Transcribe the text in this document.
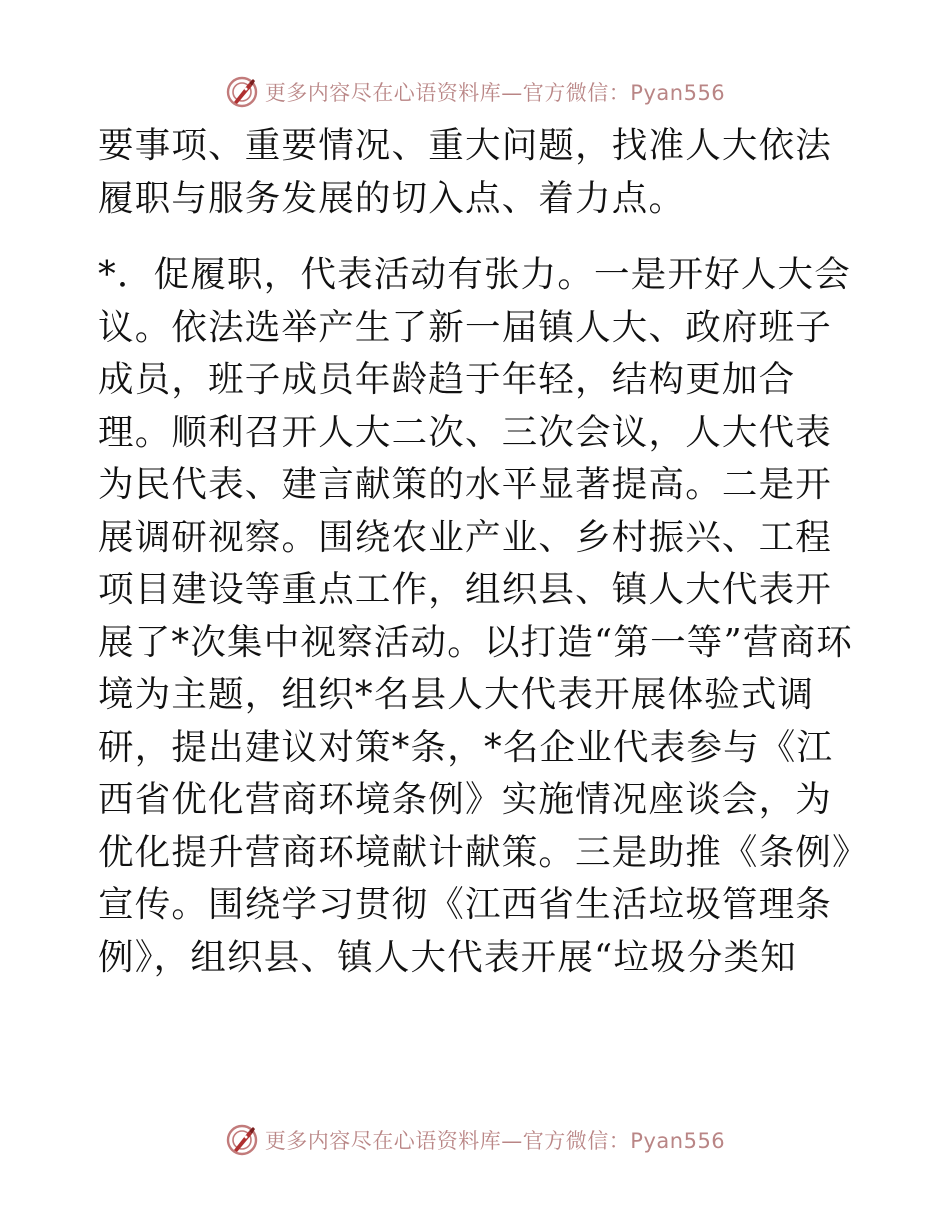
更多内容尽在心语资料库—官方微信：Pyan556

要事项、重要情况、重大问题，找准人大依法履职与服务发展的切入点、着力点。

*．促履职，代表活动有张力。一是开好人大会议。依法选举产生了新一届镇人大、政府班子成员，班子成员年龄趋于年轻，结构更加合理。顺利召开人大二次、三次会议，人大代表为民代表、建言献策的水平显著提高。二是开展调研视察。围绕农业产业、乡村振兴、工程项目建设等重点工作，组织县、镇人大代表开展了*次集中视察活动。以打造“第一等”营商环境为主题，组织*名县人大代表开展体验式调研，提出建议对策*条，*名企业代表参与《江西省优化营商环境条例》实施情况座谈会，为优化提升营商环境献计献策。三是助推《条例》宣传。围绕学习贯彻《江西省生活垃圾管理条例》，组织县、镇人大代表开展“垃圾分类知

更多内容尽在心语资料库—官方微信：Pyan556
